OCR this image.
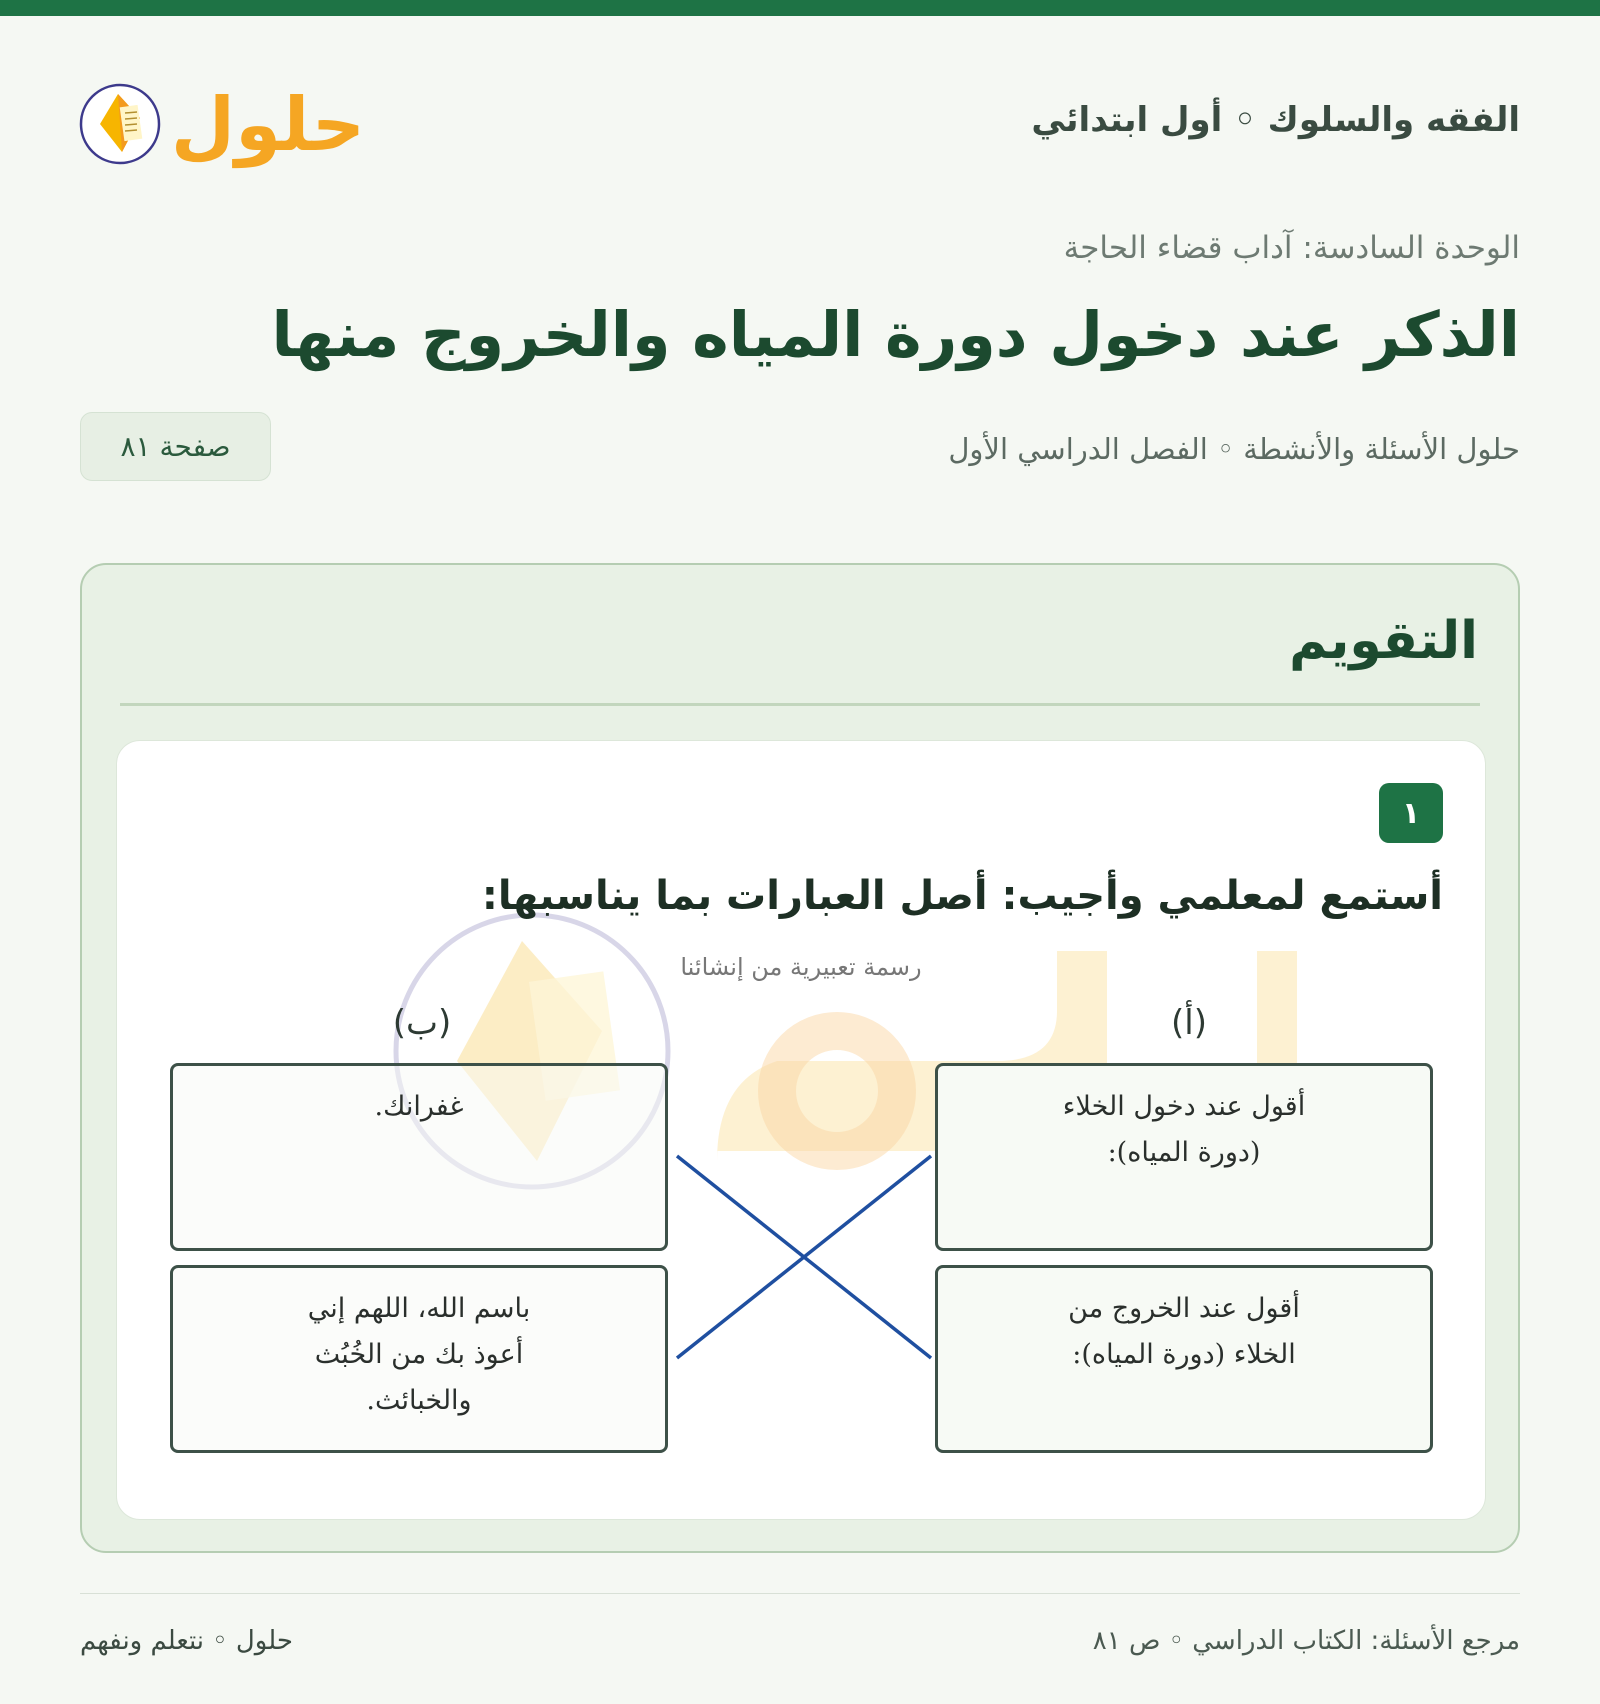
الفقه والسلوك ◦ أول ابتدائي
حلول
الوحدة السادسة: آداب قضاء الحاجة
الذكر عند دخول دورة المياه والخروج منها
حلول الأسئلة والأنشطة ◦ الفصل الدراسي الأول
صفحة ٨١
التقويم
١
أستمع لمعلمي وأجيب: أصل العبارات بما يناسبها:
رسمة تعبيرية من إنشائنا
(أ)
(ب)
أقول عند دخول الخلاء (دورة المياه):
أقول عند الخروج من الخلاء (دورة المياه):
غفرانك.
باسم الله، اللهم إني أعوذ بك من الخُبُث والخبائث.
مرجع الأسئلة: الكتاب الدراسي ◦ ص ٨١
حلول ◦ نتعلم ونفهم
